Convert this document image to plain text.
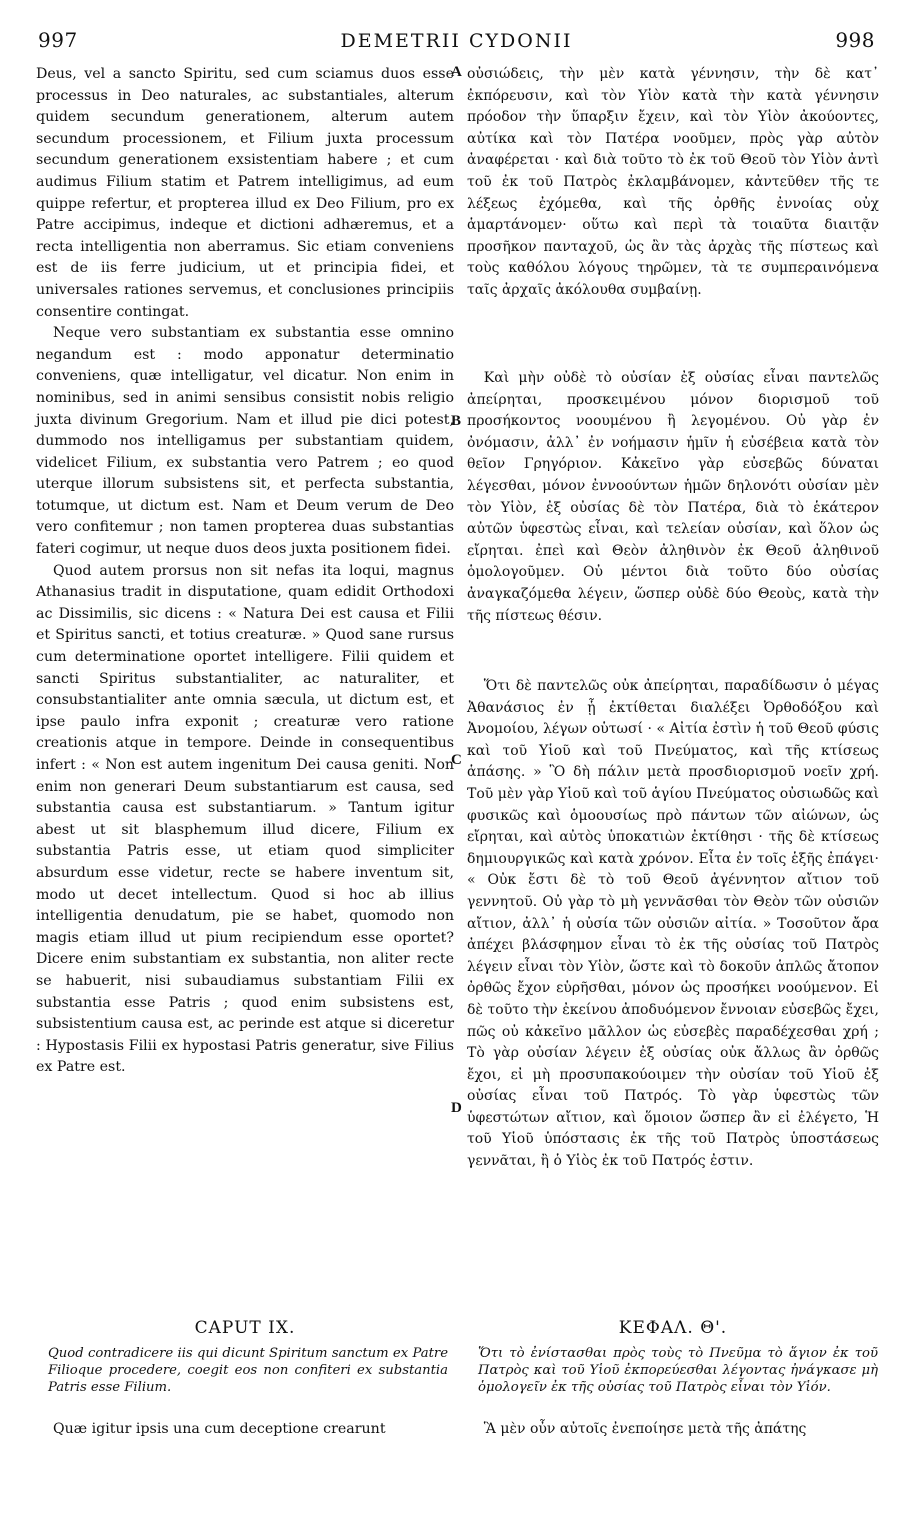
997	DEMETRII CYDONII	998
A
B
C
D

Deus, vel a sancto Spiritu, sed cum sciamus duos esse processus in Deo naturales, ac substantiales, alterum quidem secundum generationem, alterum autem secundum processionem, et Filium juxta processum secundum generationem exsistentiam habere ; et cum audimus Filium statim et Patrem intelligimus, ad eum quippe refertur, et propterea illud ex Deo Filium, pro ex Patre accipimus, indeque et dictioni adhæremus, et a recta intelligentia non aberramus. Sic etiam conveniens est de iis ferre judicium, ut et principia fidei, et universales rationes servemus, et conclusiones principiis consentire contingat.

Neque vero substantiam ex substantia esse omnino negandum est : modo apponatur determinatio conveniens, quæ intelligatur, vel dicatur. Non enim in nominibus, sed in animi sensibus consistit nobis religio juxta divinum Gregorium. Nam et illud pie dici potest, dummodo nos intelligamus per substantiam quidem, videlicet Filium, ex substantia vero Patrem ; eo quod uterque illorum subsistens sit, et perfecta substantia, totumque, ut dictum est. Nam et Deum verum de Deo vero confitemur ; non tamen propterea duas substantias fateri cogimur, ut neque duos deos juxta positionem fidei.

Quod autem prorsus non sit nefas ita loqui, magnus Athanasius tradit in disputatione, quam edidit Orthodoxi ac Dissimilis, sic dicens : « Natura Dei est causa et Filii et Spiritus sancti, et totius creaturæ. » Quod sane rursus cum determinatione oportet intelligere. Filii quidem et sancti Spiritus substantialiter, ac naturaliter, et consubstantialiter ante omnia sæcula, ut dictum est, et ipse paulo infra exponit ; creaturæ vero ratione creationis atque in tempore. Deinde in consequentibus infert : « Non est autem ingenitum Dei causa geniti. Non enim non generari Deum substantiarum est causa, sed substantia causa est substantiarum. » Tantum igitur abest ut sit blasphemum illud dicere, Filium ex substantia Patris esse, ut etiam quod simpliciter absurdum esse videtur, recte se habere inventum sit, modo ut decet intellectum. Quod si hoc ab illius intelligentia denudatum, pie se habet, quomodo non magis etiam illud ut pium recipiendum esse oportet? Dicere enim substantiam ex substantia, non aliter recte se habuerit, nisi subaudiamus substantiam Filii ex substantia esse Patris ; quod enim subsistens est, subsistentium causa est, ac perinde est atque si diceretur : Hypostasis Filii ex hypostasi Patris generatur, sive Filius ex Patre est.

οὐσιώδεις, τὴν μὲν κατὰ γέννησιν, τὴν δὲ κατ᾽ ἐκπόρευσιν, καὶ τὸν Υἱὸν κατὰ τὴν κατὰ γέννησιν πρόοδον τὴν ὕπαρξιν ἔχειν, καὶ τὸν Υἱὸν ἀκούοντες, αὐτίκα καὶ τὸν Πατέρα νοοῦμεν, πρὸς γὰρ αὐτὸν ἀναφέρεται · καὶ διὰ τοῦτο τὸ ἐκ τοῦ Θεοῦ τὸν Υἱὸν ἀντὶ τοῦ ἐκ τοῦ Πατρὸς ἐκλαμβάνομεν, κἀντεῦθεν τῆς τε λέξεως ἐχόμεθα, καὶ τῆς ὀρθῆς ἐννοίας οὐχ ἁμαρτάνομεν· οὕτω καὶ περὶ τὰ τοιαῦτα διαιτᾷν προσῆκον πανταχοῦ, ὡς ἂν τὰς ἀρχὰς τῆς πίστεως καὶ τοὺς καθόλου λόγους τηρῶμεν, τὰ τε συμπεραινόμενα ταῖς ἀρχαῖς ἀκόλουθα συμβαίνῃ.

Καὶ μὴν οὐδὲ τὸ οὐσίαν ἐξ οὐσίας εἶναι παντελῶς ἀπείρηται, προσκειμένου μόνον διορισμοῦ τοῦ προσήκοντος νοουμένου ἢ λεγομένου. Οὐ γὰρ ἐν ὀνόμασιν, ἀλλ᾽ ἐν νοήμασιν ἡμῖν ἡ εὐσέβεια κατὰ τὸν θεῖον Γρηγόριον. Κἀκεῖνο γὰρ εὐσεβῶς δύναται λέγεσθαι, μόνον ἐννοούντων ἡμῶν δηλονότι οὐσίαν μὲν τὸν Υἱὸν, ἐξ οὐσίας δὲ τὸν Πατέρα, διὰ τὸ ἑκάτερον αὐτῶν ὑφεστὼς εἶναι, καὶ τελείαν οὐσίαν, καὶ ὅλον ὡς εἴρηται. ἐπεὶ καὶ Θεὸν ἀληθινὸν ἐκ Θεοῦ ἀληθινοῦ ὁμολογοῦμεν. Οὐ μέντοι διὰ τοῦτο δύο οὐσίας ἀναγκαζόμεθα λέγειν, ὥσπερ οὐδὲ δύο Θεοὺς, κατὰ τὴν τῆς πίστεως θέσιν.

Ὅτι δὲ παντελῶς οὐκ ἀπείρηται, παραδίδωσιν ὁ μέγας Ἀθανάσιος ἐν ᾗ ἐκτίθεται διαλέξει Ὀρθοδόξου καὶ Ἀνομοίου, λέγων οὑτωσί · « Αἰτία ἐστὶν ἡ τοῦ Θεοῦ φύσις καὶ τοῦ Υἱοῦ καὶ τοῦ Πνεύματος, καὶ τῆς κτίσεως ἁπάσης. » Ὃ δὴ πάλιν μετὰ προσδιορισμοῦ νοεῖν χρή. Τοῦ μὲν γὰρ Υἱοῦ καὶ τοῦ ἁγίου Πνεύματος οὐσιωδῶς καὶ φυσικῶς καὶ ὁμοουσίως πρὸ πάντων τῶν αἰώνων, ὡς εἴρηται, καὶ αὐτὸς ὑποκατιὼν ἐκτίθησι · τῆς δὲ κτίσεως δημιουργικῶς καὶ κατὰ χρόνον. Εἶτα ἐν τοῖς ἑξῆς ἐπάγει· « Οὐκ ἔστι δὲ τὸ τοῦ Θεοῦ ἀγέννητον αἴτιον τοῦ γεννητοῦ. Οὐ γὰρ τὸ μὴ γεννᾶσθαι τὸν Θεὸν τῶν οὐσιῶν αἴτιον, ἀλλ᾽ ἡ οὐσία τῶν οὐσιῶν αἰτία. » Τοσοῦτον ἄρα ἀπέχει βλάσφημον εἶναι τὸ ἐκ τῆς οὐσίας τοῦ Πατρὸς λέγειν εἶναι τὸν Υἱὸν, ὥστε καὶ τὸ δοκοῦν ἁπλῶς ἄτοπον ὀρθῶς ἔχον εὑρῆσθαι, μόνον ὡς προσήκει νοούμενον. Εἰ δὲ τοῦτο τὴν ἐκείνου ἀποδυόμενον ἔννοιαν εὐσεβῶς ἔχει, πῶς οὐ κἀκεῖνο μᾶλλον ὡς εὐσεβὲς παραδέχεσθαι χρή ; Τὸ γὰρ οὐσίαν λέγειν ἐξ οὐσίας οὐκ ἄλλως ἂν ὀρθῶς ἔχοι, εἰ μὴ προσυπακούοιμεν τὴν οὐσίαν τοῦ Υἱοῦ ἐξ οὐσίας εἶναι τοῦ Πατρός. Τὸ γὰρ ὑφεστὼς τῶν ὑφεστώτων αἴτιον, καὶ ὅμοιον ὥσπερ ἂν εἰ ἐλέγετο, Ἡ τοῦ Υἱοῦ ὑπόστασις ἐκ τῆς τοῦ Πατρὸς ὑποστάσεως γεννᾶται, ἢ ὁ Υἱὸς ἐκ τοῦ Πατρός ἐστιν.

CAPUT IX.	ΚΕΦΑΛ. Θ'.
Quod contradicere iis qui dicunt Spiritum sanctum ex Patre Filioque procedere, coegit eos non confiteri ex substantia Patris esse Filium.
Ὅτι τὸ ἐνίστασθαι πρὸς τοὺς τὸ Πνεῦμα τὸ ἅγιον ἐκ τοῦ Πατρὸς καὶ τοῦ Υἱοῦ ἐκπορεύεσθαι λέγοντας ἠνάγκασε μὴ ὁμολογεῖν ἐκ τῆς οὐσίας τοῦ Πατρὸς εἶναι τὸν Υἱόν.

Quæ igitur ipsis una cum deceptione crearunt	Ἃ μὲν οὖν αὐτοῖς ἐνεποίησε μετὰ τῆς ἀπάτης
